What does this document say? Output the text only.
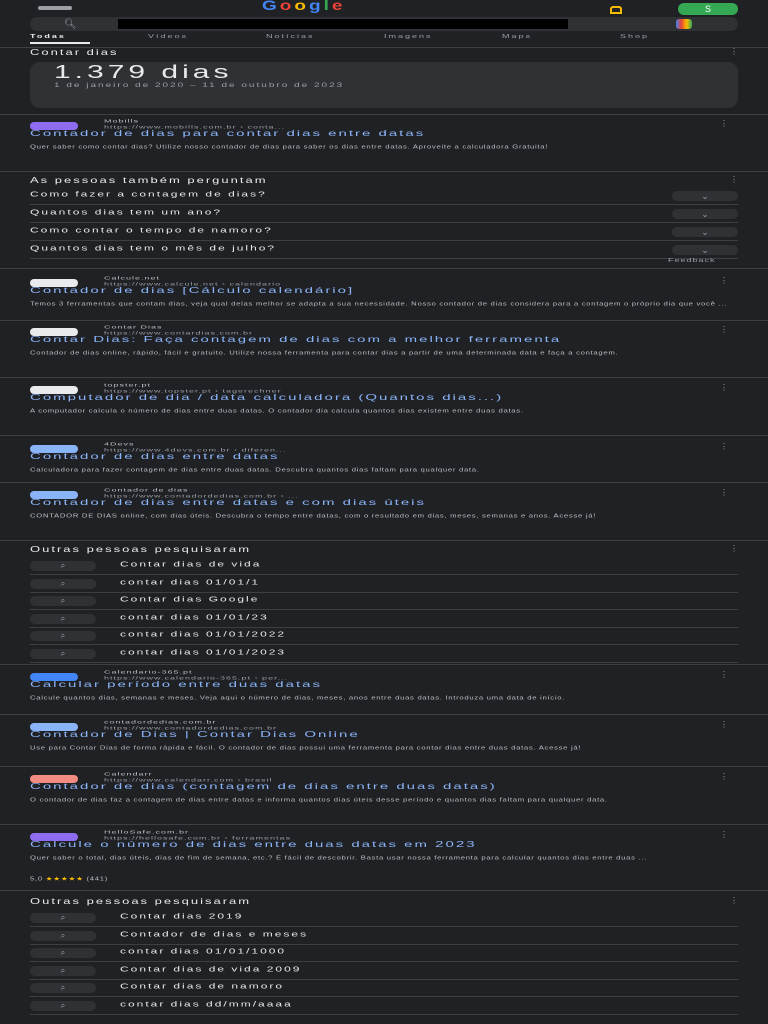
G o o g l e	S
🔍︎
Todas	Vídeos	Notícias	Imagens	Maps	Shop
Contar dias	⋮
1.379 dias
1 de janeiro de 2020 – 11 de outubro de 2023
Mobills
https://www.mobills.com.br › conta...	⋮
Contador de dias para contar dias entre datas
Quer saber como contar dias? Utilize nosso contador de dias para saber os dias entre datas. Aproveite a calculadora Gratuita!
As pessoas também perguntam	⋮
Como fazer a contagem de dias?	⌄
Quantos dias tem um ano?	⌄
Como contar o tempo de namoro?	⌄
Quantos dias tem o mês de julho?	⌄
Feedback
Calcule.net
https://www.calcule.net › calendario	⋮
Contador de dias [Cálculo calendário]
Temos 3 ferramentas que contam dias, veja qual delas melhor se adapta a sua necessidade. Nosso contador de dias considera para a contagem o próprio dia que você ...
Contar Dias
https://www.contardias.com.br	⋮
Contar Dias: Faça contagem de dias com a melhor ferramenta
Contador de dias online, rápido, fácil e gratuito. Utilize nossa ferramenta para contar dias a partir de uma determinada data e faça a contagem.
topster.pt
https://www.topster.pt › tagerechner	⋮
Computador de dia / data calculadora (Quantos dias...)
A computador calcula o número de dias entre duas datas. O contador dia calcula quantos dias existem entre duas datas.
4Devs
https://www.4devs.com.br › diferen...	⋮
Contador de dias entre datas
Calculadora para fazer contagem de dias entre duas datas. Descubra quantos dias faltam para qualquer data.
Contador de dias
https://www.contadordedias.com.br › ...	⋮
Contador de dias entre datas e com dias úteis
CONTADOR DE DIAS online, com dias úteis. Descubra o tempo entre datas, com o resultado em dias, meses, semanas e anos. Acesse já!
Outras pessoas pesquisaram	⋮
⌕	Contar dias de vida
⌕	contar dias 01/01/1
⌕	Contar dias Google
⌕	contar dias 01/01/23
⌕	contar dias 01/01/2022
⌕	contar dias 01/01/2023
Calendario-365.pt
https://www.calendario-365.pt › per...	⋮
Calcular período entre duas datas
Calcule quantos dias, semanas e meses. Veja aqui o número de dias, meses, anos entre duas datas. Introduza uma data de início.
contadordedias.com.br
https://www.contadordedias.com.br	⋮
Contador de Dias | Contar Dias Online
Use para Contar Dias de forma rápida e fácil. O contador de dias possui uma ferramenta para contar dias entre duas datas. Acesse já!
Calendarr
https://www.calendarr.com › brasil	⋮
Contador de dias (contagem de dias entre duas datas)
O contador de dias faz a contagem de dias entre datas e informa quantos dias úteis desse período e quantos dias faltam para qualquer data.
HelloSafe.com.br
https://hellosafe.com.br › ferramentas	⋮
Calcule o número de dias entre duas datas em 2023
Quer saber o total, dias úteis, dias de fim de semana, etc.? É fácil de descobrir. Basta usar nossa ferramenta para calcular quantos dias entre duas ...
5,0 ★★★★★ (441)
Outras pessoas pesquisaram	⋮
⌕	Contar dias 2019
⌕	Contador de dias e meses
⌕	contar dias 01/01/1000
⌕	Contar dias de vida 2009
⌕	Contar dias de namoro
⌕	contar dias dd/mm/aaaa
